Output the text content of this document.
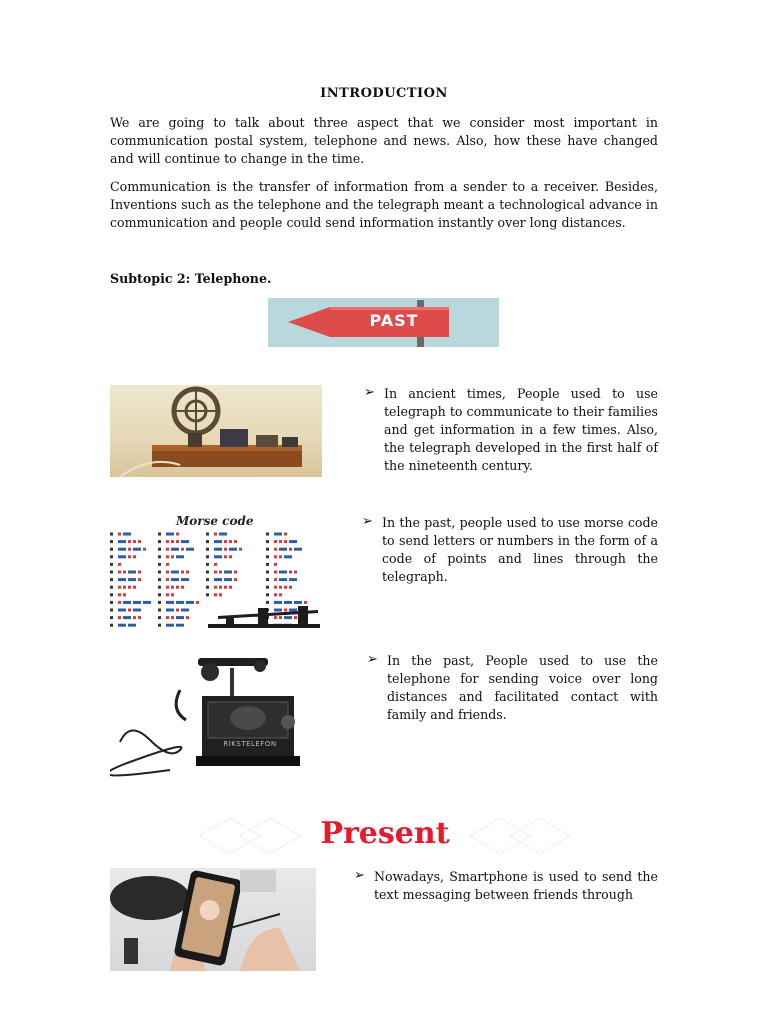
INTRODUCTION

We are going to talk about three aspect that we consider most important in communication postal system, telephone and news. Also, how these have changed and will continue to change in the time.

Communication is the transfer of information from a sender to a receiver. Besides, Inventions such as the telephone and the telegraph meant a technological advance in communication and people could send information instantly over long distances.

Subtopic 2: Telephone.
PAST
➢ In ancient times, People used to use telegraph to communicate to their families and get information in a few times. Also, the telegraph developed in the first half of the nineteenth century.
Morse code	➢ In the past, people used to use morse code to send letters or numbers in the form of a code of points and lines through the telegraph.
RIKSTELEFON
➢ In the past, People used to use the telephone for sending voice over long distances and facilitated contact with family and friends.
Present
➢ Nowadays, Smartphone is used to send the text messaging between friends through
